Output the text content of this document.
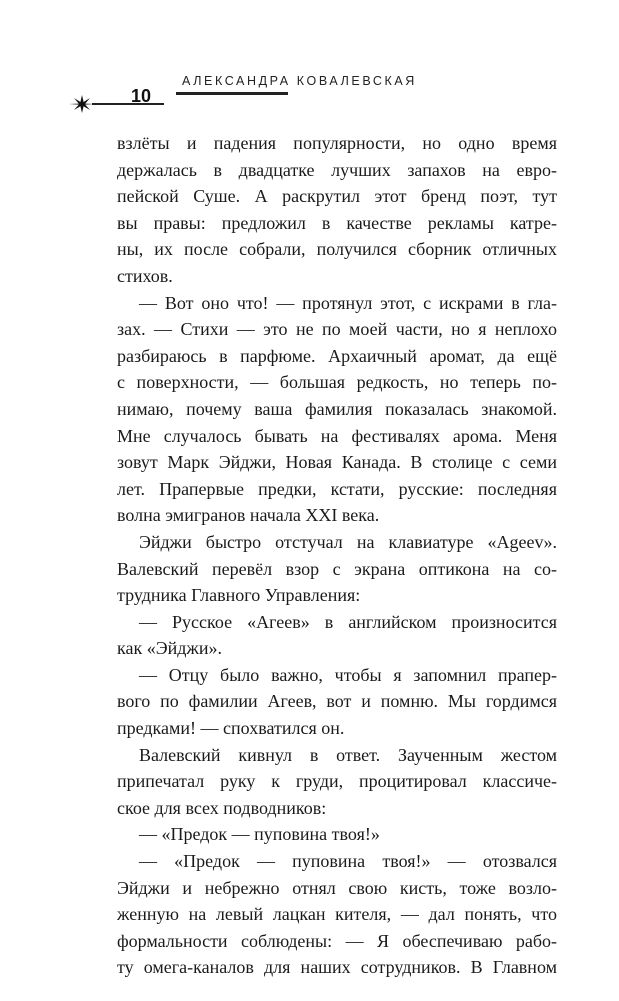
10
АЛЕКСАНДРА КОВАЛЕВСКАЯ
взлёты и падения популярности, но одно время
держалась в двадцатке лучших запахов на евро-
пейской Суше. А раскрутил этот бренд поэт, тут
вы правы: предложил в качестве рекламы катре-
ны, их после собрали, получился сборник отличных
стихов.
— Вот оно что! — протянул этот, с искрами в гла-
зах. — Стихи — это не по моей части, но я неплохо
разбираюсь в парфюме. Архаичный аромат, да ещё
с поверхности, — большая редкость, но теперь по-
нимаю, почему ваша фамилия показалась знакомой.
Мне случалось бывать на фестивалях арома. Меня
зовут Марк Эйджи, Новая Канада. В столице с семи
лет. Прапервые предки, кстати, русские: последняя
волна эмигранов начала XXI века.
Эйджи быстро отстучал на клавиатуре «Ageev».
Валевский перевёл взор с экрана оптикона на со-
трудника Главного Управления:
— Русское «Агеев» в английском произносится
как «Эйджи».
— Отцу было важно, чтобы я запомнил прапер-
вого по фамилии Агеев, вот и помню. Мы гордимся
предками! — спохватился он.
Валевский кивнул в ответ. Заученным жестом
припечатал руку к груди, процитировал классиче-
ское для всех подводников:
— «Предок — пуповина твоя!»
— «Предок — пуповина твоя!» — отозвался
Эйджи и небрежно отнял свою кисть, тоже возло-
женную на левый лацкан кителя, — дал понять, что
формальности соблюдены: — Я обеспечиваю рабо-
ту омега-каналов для наших сотрудников. В Главном
